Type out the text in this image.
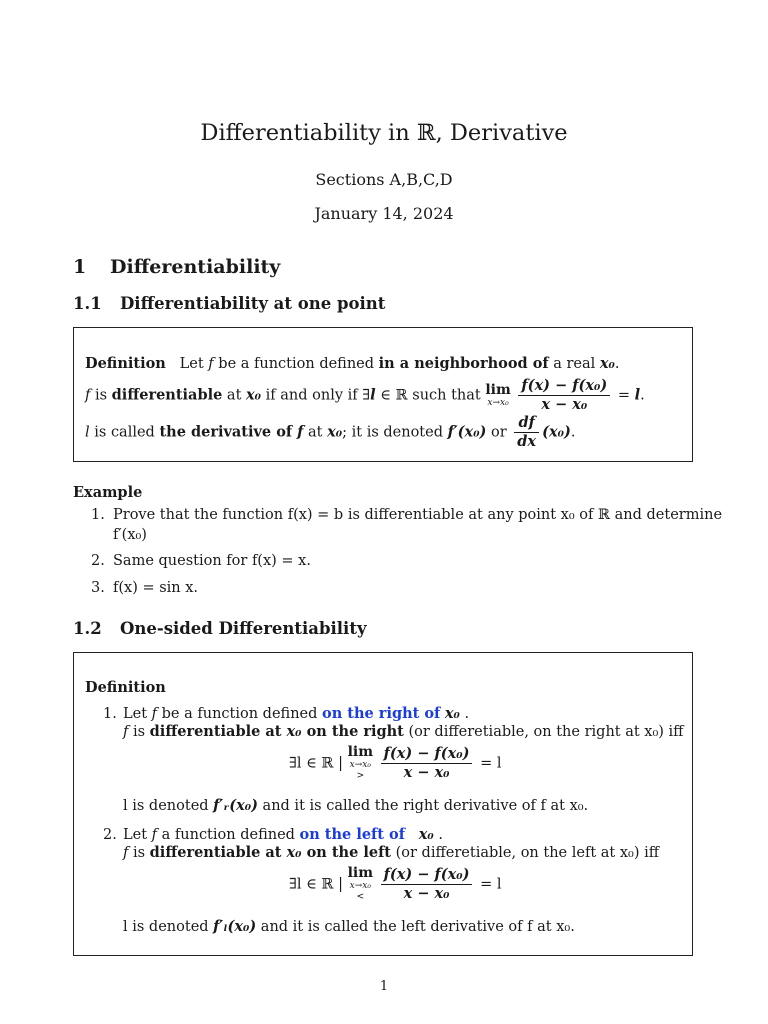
Differentiability in ℝ, Derivative
Sections A,B,C,D
January 14, 2024
1 Differentiability
1.1 Differentiability at one point
Definition Let f be a function defined in a neighborhood of a real x₀.
f is differentiable at x₀ if and only if ∃l ∈ ℝ such that lim
x→x₀
$\frac{\text{f(x) − f(x₀)}}{\text{x − x₀}} = l$.
l is called the derivative of f at x₀; it is denoted f′(x₀) or $\frac{df}{dx} (x_0)$.
Example
1. Prove that the function f(x) = b is differentiable at any point x₀ of ℝ and determine
f′(x₀)
2. Same question for f(x) = x.
3. f(x) = sin x.
1.2 One-sided Differentiability
Definition
1. Let f be a function defined on the right of x₀ .
f is differentiable at x₀ on the right (or differetiable, on the right at x₀) iff
∃l ∈ ℝ |
lim
x→x₀
>
	$\frac{\text{f(x) − f(x₀)}}{\text{x − x₀}} = l$
l is denoted f′ᵣ(x₀) and it is called the right derivative of f at x₀.
2. Let f a function defined on the left of x₀ .
f is differentiable at x₀ on the left (or differetiable, on the left at x₀) iff
∃l ∈ ℝ |
lim
x→x₀
<
	$\frac{\text{f(x) − f(x₀)}}{\text{x − x₀}} = l$
l is denoted f′ₗ(x₀) and it is called the left derivative of f at x₀.
1
